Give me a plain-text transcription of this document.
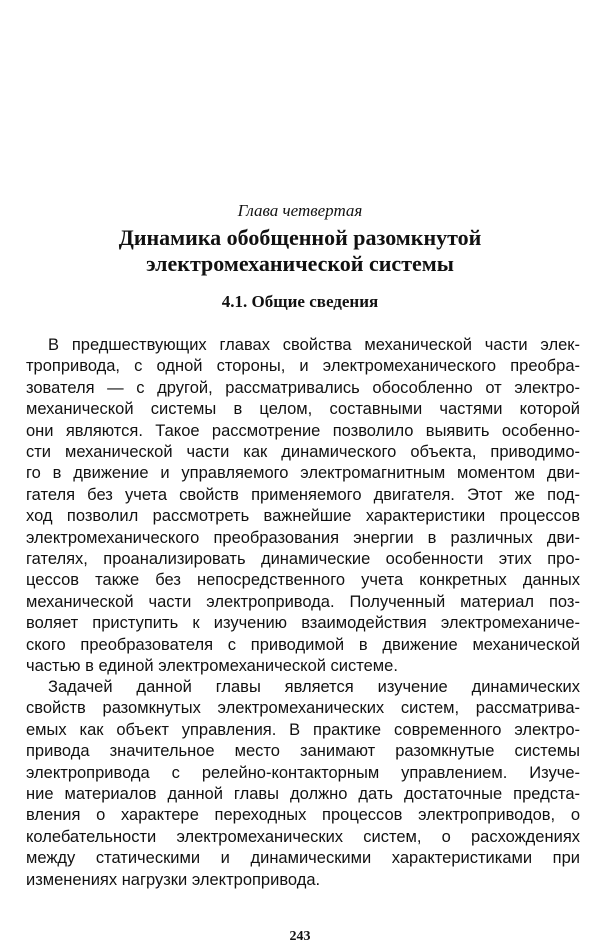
Глава четвертая
Динамика обобщенной разомкнутой
электромеханической системы
4.1. Общие сведения
В предшествующих главах свойства механической части элек-
тропривода, с одной стороны, и электромеханического преобра-
зователя — с другой, рассматривались обособленно от электро-
механической системы в целом, составными частями которой
они являются. Такое рассмотрение позволило выявить особенно-
сти механической части как динамического объекта, приводимо-
го в движение и управляемого электромагнитным моментом дви-
гателя без учета свойств применяемого двигателя. Этот же под-
ход позволил рассмотреть важнейшие характеристики процессов
электромеханического преобразования энергии в различных дви-
гателях, проанализировать динамические особенности этих про-
цессов также без непосредственного учета конкретных данных
механической части электропривода. Полученный материал поз-
воляет приступить к изучению взаимодействия электромеханиче-
ского преобразователя с приводимой в движение механической
частью в единой электромеханической системе.
Задачей данной главы является изучение динамических
свойств разомкнутых электромеханических систем, рассматрива-
емых как объект управления. В практике современного электро-
привода значительное место занимают разомкнутые системы
электропривода с релейно-контакторным управлением. Изуче-
ние материалов данной главы должно дать достаточные предста-
вления о характере переходных процессов электроприводов, о
колебательности электромеханических систем, о расхождениях
между статическими и динамическими характеристиками при
изменениях нагрузки электропривода.
243
